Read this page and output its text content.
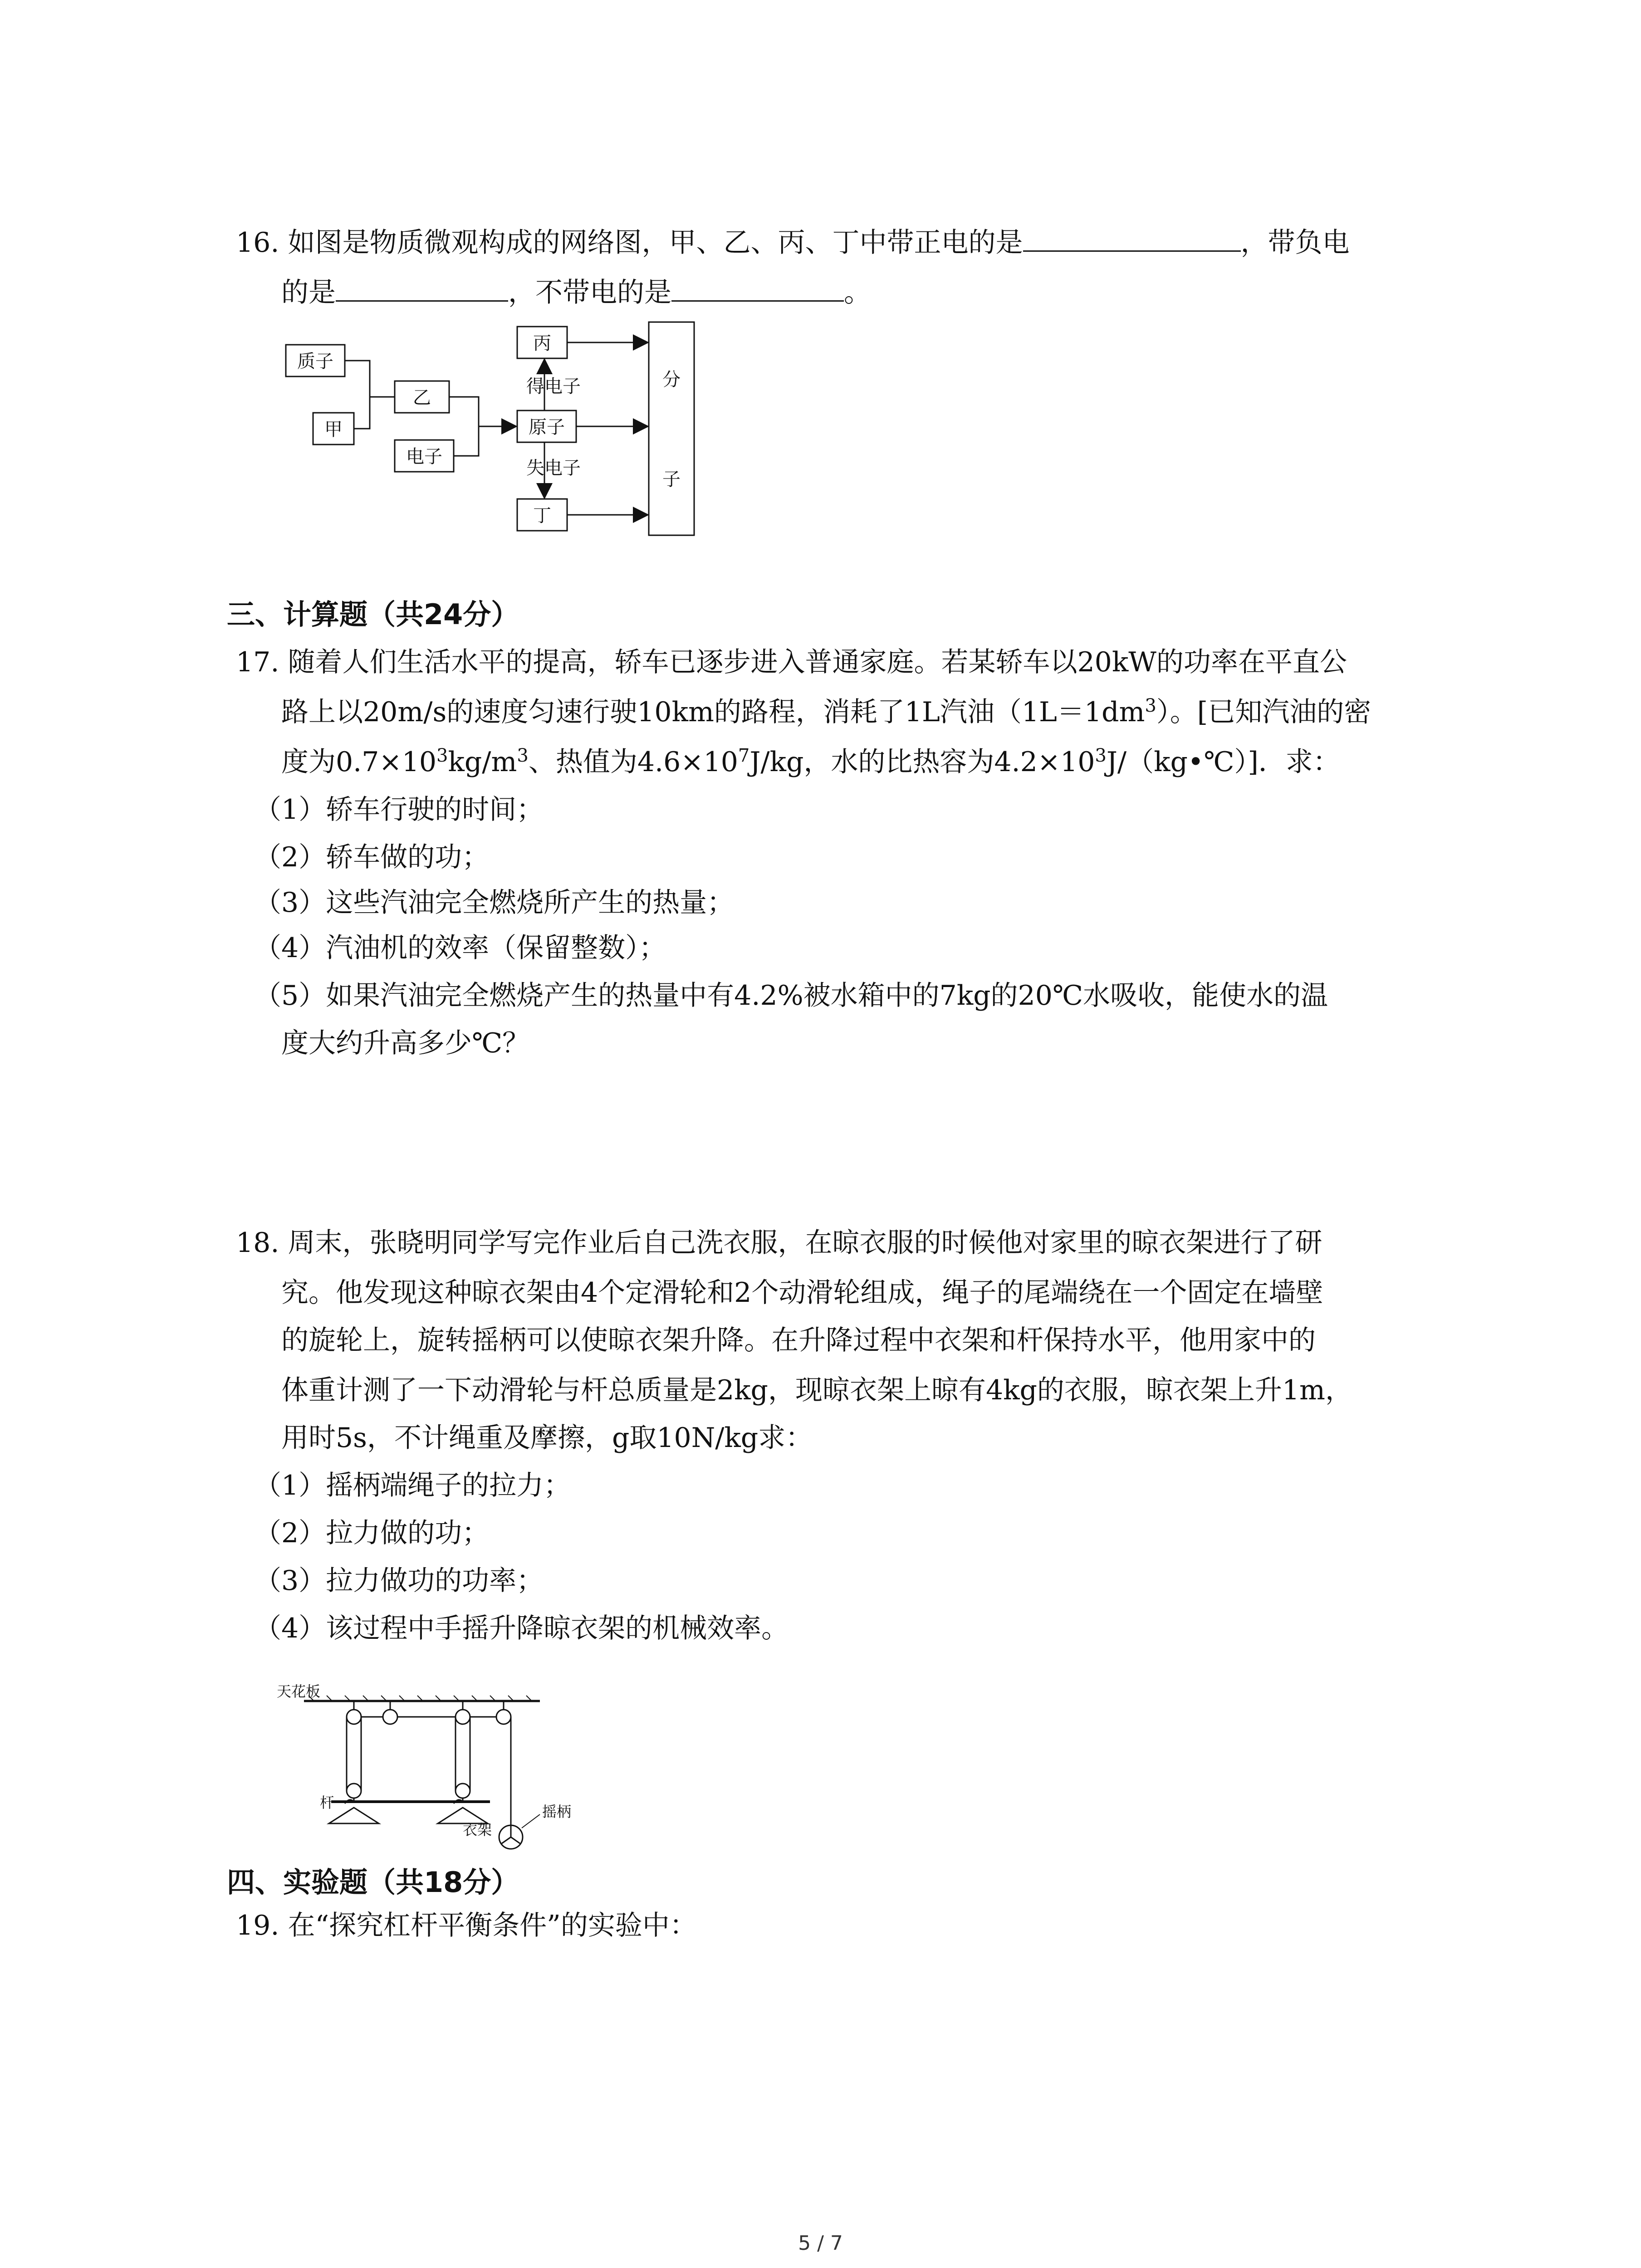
16. 如图是物质微观构成的网络图，甲、乙、丙、丁中带正电的是	，带负电
的是	，不带电的是	。
质子
甲
乙
电子
丙
原子
丁
分
子
得电子
失电子
三、计算题（共24分）
17. 随着人们生活水平的提高，轿车已逐步进入普通家庭。若某轿车以20kW的功率在平直公
路上以20m/s的速度匀速行驶10km的路程，消耗了1L汽油$(1L=1dm^3)$。[已知汽油的密
度为$0.7\times 10^3kg/m^3$、热值为$4.6\times 10^7J/kg$，水的比热容为$4.2\times 10^3J/(kg•℃)$]．求：
（1）轿车行驶的时间；
（2）轿车做的功；
（3）这些汽油完全燃烧所产生的热量；
（4）汽油机的效率（保留整数）；
（5）如果汽油完全燃烧产生的热量中有4.2%被水箱中的7kg的20℃水吸收，能使水的温
度大约升高多少℃？
18. 周末，张晓明同学写完作业后自己洗衣服，在晾衣服的时候他对家里的晾衣架进行了研
究。他发现这种晾衣架由4个定滑轮和2个动滑轮组成，绳子的尾端绕在一个固定在墙壁
的旋轮上，旋转摇柄可以使晾衣架升降。在升降过程中衣架和杆保持水平，他用家中的
体重计测了一下动滑轮与杆总质量是2kg，现晾衣架上晾有4kg的衣服，晾衣架上升1m，
用时5s，不计绳重及摩擦，g取10N/kg求：
（1）摇柄端绳子的拉力；
（2）拉力做的功；
（3）拉力做功的功率；
（4）该过程中手摇升降晾衣架的机械效率。
天花板
杆
衣架
摇柄
四、实验题（共18分）
19. 在“探究杠杆平衡条件”的实验中：
5 / 7
